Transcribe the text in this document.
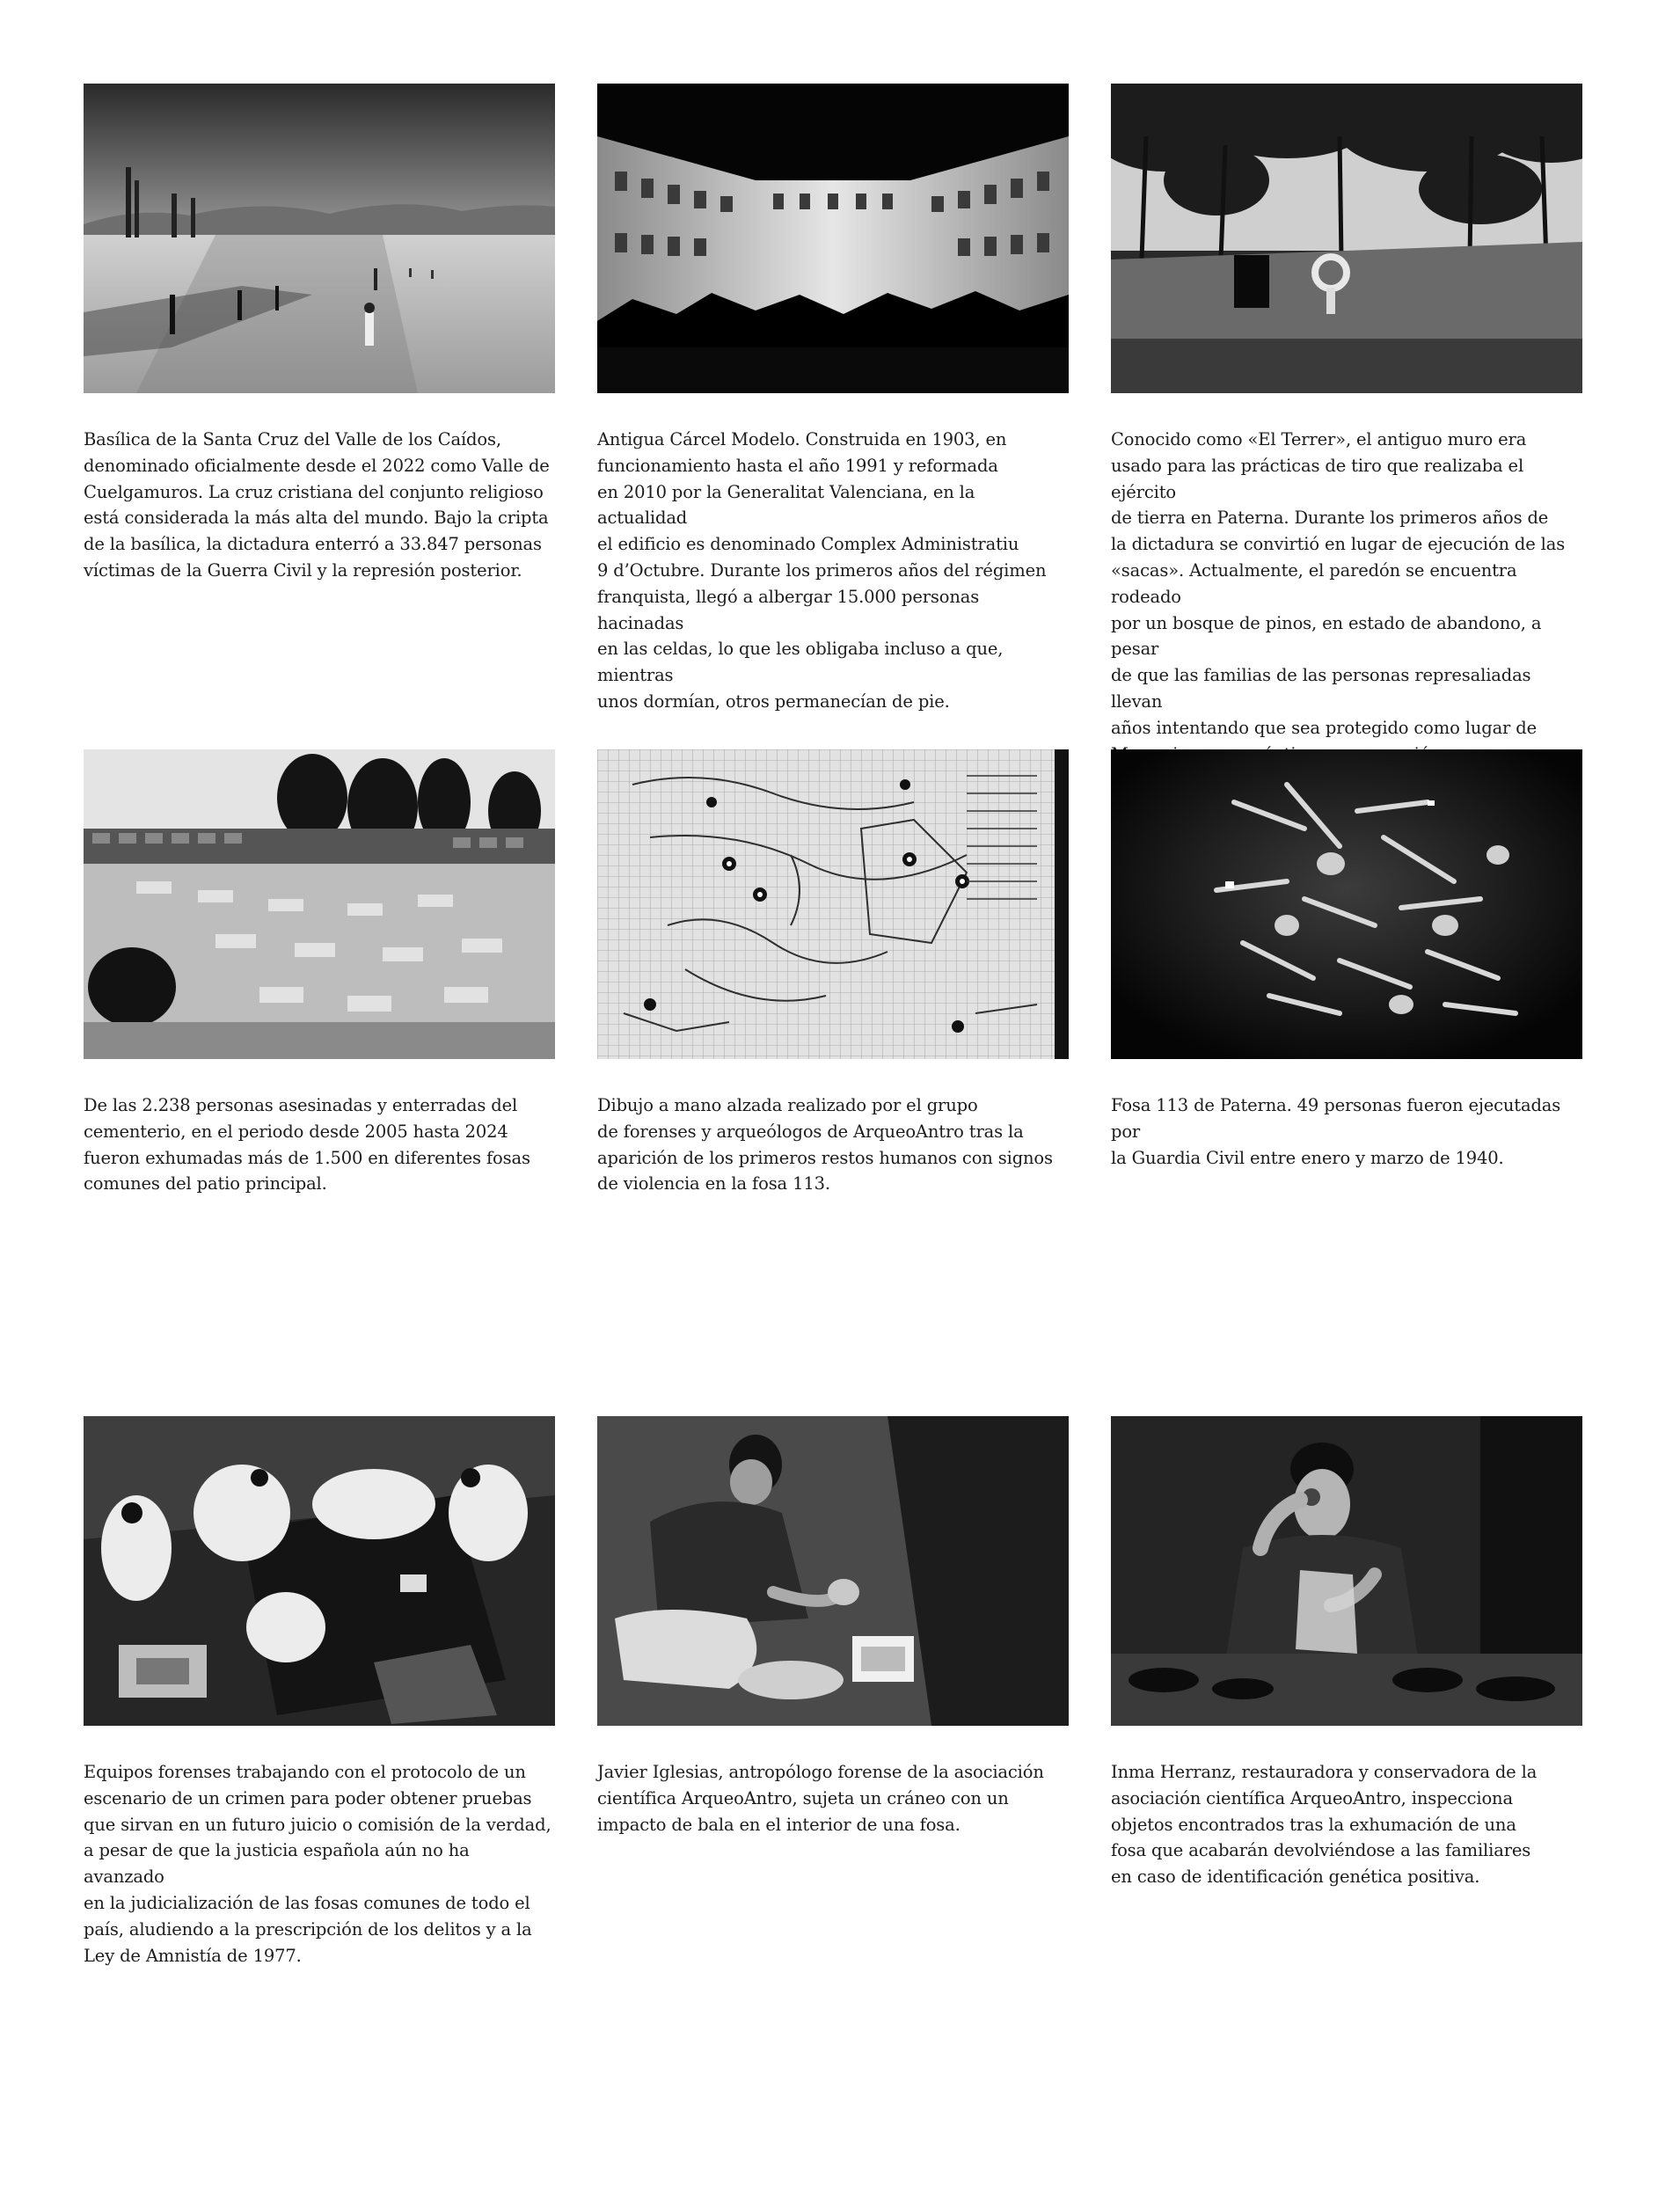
Basílica de la Santa Cruz del Valle de los Caídos,
denominado oficialmente desde el 2022 como Valle de
Cuelgamuros. La cruz cristiana del conjunto religioso
está considerada la más alta del mundo. Bajo la cripta
de la basílica, la dictadura enterró a 33.847 personas
víctimas de la Guerra Civil y la represión posterior.
Antigua Cárcel Modelo. Construida en 1903, en
funcionamiento hasta el año 1991 y reformada
en 2010 por la Generalitat Valenciana, en la actualidad
el edificio es denominado Complex Administratiu
9 d’Octubre. Durante los primeros años del régimen
franquista, llegó a albergar 15.000 personas hacinadas
en las celdas, lo que les obligaba incluso a que, mientras
unos dormían, otros permanecían de pie.
Conocido como «El Terrer», el antiguo muro era
usado para las prácticas de tiro que realizaba el ejército
de tierra en Paterna. Durante los primeros años de
la dictadura se convirtió en lugar de ejecución de las
«sacas». Actualmente, el paredón se encuentra rodeado
por un bosque de pinos, en estado de abandono, a pesar
de que las familias de las personas represaliadas llevan
años intentando que sea protegido como lugar de

De las 2.238 personas asesinadas y enterradas del
cementerio, en el periodo desde 2005 hasta 2024
fueron exhumadas más de 1.500 en diferentes fosas
comunes del patio principal.
Dibujo a mano alzada realizado por el grupo
de forenses y arqueólogos de ArqueoAntro tras la
aparición de los primeros restos humanos con signos
de violencia en la fosa 113.
Fosa 113 de Paterna. 49 personas fueron ejecutadas por
la Guardia Civil entre enero y marzo de 1940.
Equipos forenses trabajando con el protocolo de un
escenario de un crimen para poder obtener pruebas
que sirvan en un futuro juicio o comisión de la verdad,
a pesar de que la justicia española aún no ha avanzado
en la judicialización de las fosas comunes de todo el
país, aludiendo a la prescripción de los delitos y a la
Ley de Amnistía de 1977.
Javier Iglesias, antropólogo forense de la asociación
científica ArqueoAntro, sujeta un cráneo con un
impacto de bala en el interior de una fosa.
Inma Herranz, restauradora y conservadora de la
asociación científica ArqueoAntro, inspecciona
objetos encontrados tras la exhumación de una
fosa que acabarán devolviéndose a las familiares
en caso de identificación genética positiva.
